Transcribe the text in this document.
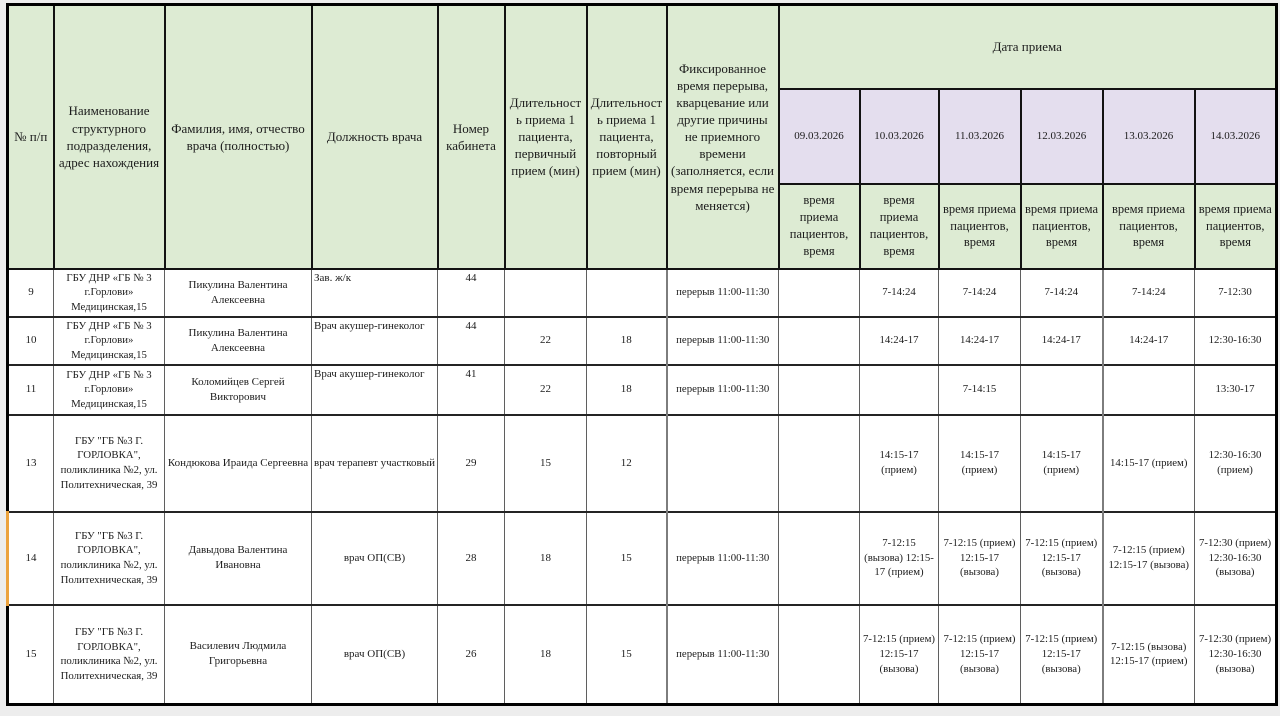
№ п/п	Наименование структурного подразделения, адрес нахождения	Фамилия, имя, отчество врача (полностью)	Должность врача	Номер кабинета	Длительность приема 1 пациента, первичный прием (мин)	Длительность приема 1 пациента, повторный прием (мин)	Фиксированное время перерыва, кварцевание или другие причины не приемного времени (заполняется, если время перерыва не меняется)	Дата приема					
								09.03.2026	10.03.2026	11.03.2026	12.03.2026	13.03.2026	14.03.2026
								время приема пациентов, время	время приема пациентов, время	время приема пациентов, время	время приема пациентов, время	время приема пациентов, время	время приема пациентов, время
9	ГБУ ДНР «ГБ № 3 г.Горлови» Медицинская,15	Пикулина Валентина Алексеевна	Зав. ж/к	44			перерыв 11:00-11:30		7-14:24	7-14:24	7-14:24	7-14:24	7-12:30
10	ГБУ ДНР «ГБ № 3 г.Горлови» Медицинская,15	Пикулина Валентина Алексеевна	Врач акушер-гинеколог	44	22	18	перерыв 11:00-11:30		14:24-17	14:24-17	14:24-17	14:24-17	12:30-16:30
11	ГБУ ДНР «ГБ № 3 г.Горлови» Медицинская,15	Коломийцев Сергей Викторович	Врач акушер-гинеколог	41	22	18	перерыв 11:00-11:30			7-14:15			13:30-17
13	ГБУ "ГБ №3 Г. ГОРЛОВКА", поликлиника №2, ул. Политехническая, 39	Кондюкова Ираида Сергеевна	врач терапевт участковый	29	15	12			14:15-17 (прием)	14:15-17 (прием)	14:15-17 (прием)	14:15-17 (прием)	12:30-16:30 (прием)
14	ГБУ "ГБ №3 Г. ГОРЛОВКА", поликлиника №2, ул. Политехническая, 39	Давыдова Валентина Ивановна	врач ОП(СВ)	28	18	15	перерыв 11:00-11:30		7-12:15 (вызова) 12:15-17 (прием)	7-12:15 (прием) 12:15-17 (вызова)	7-12:15 (прием) 12:15-17 (вызова)	7-12:15 (прием) 12:15-17 (вызова)	7-12:30 (прием) 12:30-16:30 (вызова)
15	ГБУ "ГБ №3 Г. ГОРЛОВКА", поликлиника №2, ул. Политехническая, 39	Василевич Людмила Григорьевна	врач ОП(СВ)	26	18	15	перерыв 11:00-11:30		7-12:15 (прием) 12:15-17 (вызова)	7-12:15 (прием) 12:15-17 (вызова)	7-12:15 (прием) 12:15-17 (вызова)	7-12:15 (вызова) 12:15-17 (прием)	7-12:30 (прием) 12:30-16:30 (вызова)
